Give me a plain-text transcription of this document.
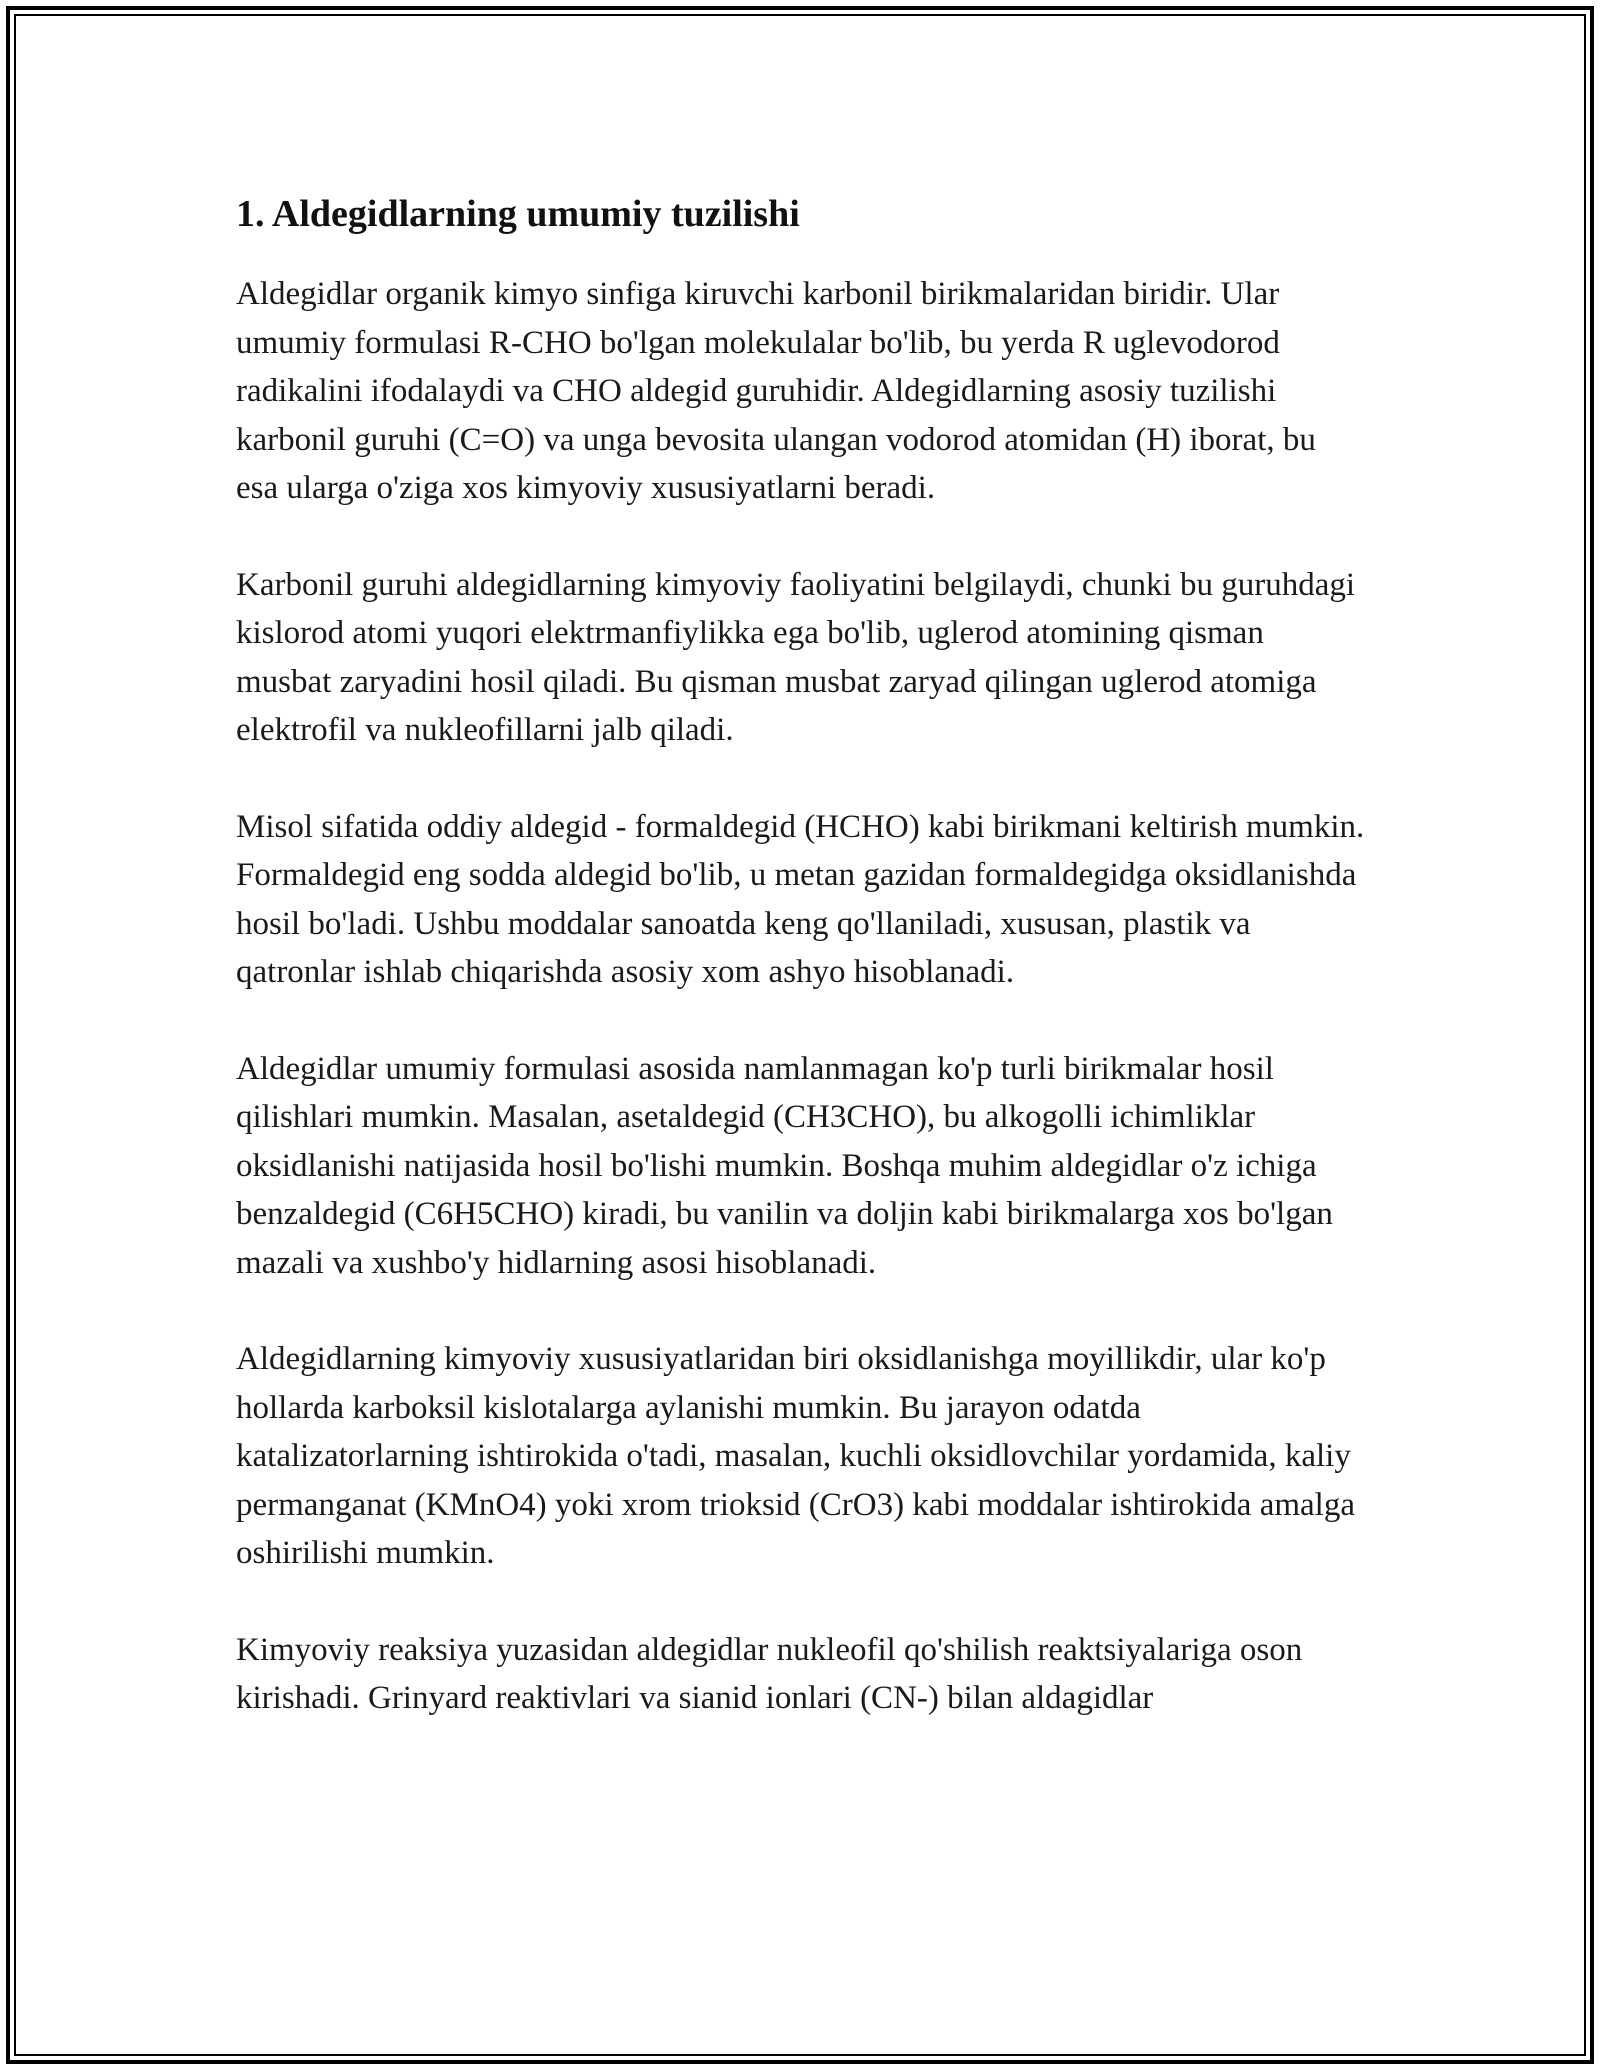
1. Aldegidlarning umumiy tuzilishi

Aldegidlar organik kimyo sinfiga kiruvchi karbonil birikmalaridan biridir. Ular umumiy formulasi R-CHO bo'lgan molekulalar bo'lib, bu yerda R uglevodorod radikalini ifodalaydi va CHO aldegid guruhidir. Aldegidlarning asosiy tuzilishi karbonil guruhi (C=O) va unga bevosita ulangan vodorod atomidan (H) iborat, bu esa ularga o'ziga xos kimyoviy xususiyatlarni beradi.

Karbonil guruhi aldegidlarning kimyoviy faoliyatini belgilaydi, chunki bu guruhdagi kislorod atomi yuqori elektrmanfiylikka ega bo'lib, uglerod atomining qisman musbat zaryadini hosil qiladi. Bu qisman musbat zaryad qilingan uglerod atomiga elektrofil va nukleofillarni jalb qiladi.

Misol sifatida oddiy aldegid - formaldegid (HCHO) kabi birikmani keltirish mumkin. Formaldegid eng sodda aldegid bo'lib, u metan gazidan formaldegidga oksidlanishda hosil bo'ladi. Ushbu moddalar sanoatda keng qo'llaniladi, xususan, plastik va qatronlar ishlab chiqarishda asosiy xom ashyo hisoblanadi.

Aldegidlar umumiy formulasi asosida namlanmagan ko'p turli birikmalar hosil qilishlari mumkin. Masalan, asetaldegid (CH3CHO), bu alkogolli ichimliklar oksidlanishi natijasida hosil bo'lishi mumkin. Boshqa muhim aldegidlar o'z ichiga benzaldegid (C6H5CHO) kiradi, bu vanilin va doljin kabi birikmalarga xos bo'lgan mazali va xushbo'y hidlarning asosi hisoblanadi.

Aldegidlarning kimyoviy xususiyatlaridan biri oksidlanishga moyillikdir, ular ko'p hollarda karboksil kislotalarga aylanishi mumkin. Bu jarayon odatda katalizatorlarning ishtirokida o'tadi, masalan, kuchli oksidlovchilar yordamida, kaliy permanganat (KMnO4) yoki xrom trioksid (CrO3) kabi moddalar ishtirokida amalga oshirilishi mumkin.

Kimyoviy reaksiya yuzasidan aldegidlar nukleofil qo'shilish reaktsiyalariga oson kirishadi. Grinyard reaktivlari va sianid ionlari (CN-) bilan aldagidlar
